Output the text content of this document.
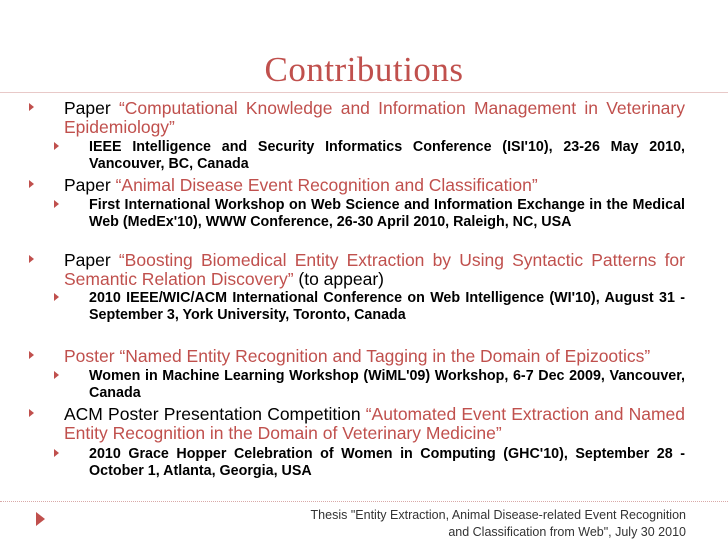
Contributions
Paper “Computational Knowledge and Information Management in Veterinary Epidemiology”
IEEE Intelligence and Security Informatics Conference (ISI'10), 23-26 May 2010, Vancouver, BC, Canada
Paper “Animal Disease Event Recognition and Classification”
First International Workshop on Web Science and Information Exchange in the Medical Web (MedEx'10), WWW Conference, 26-30 April 2010, Raleigh, NC, USA
Paper “Boosting Biomedical Entity Extraction by Using Syntactic Patterns for Semantic Relation Discovery” (to appear)
2010 IEEE/WIC/ACM International Conference on Web Intelligence (WI'10), August 31 - September 3, York University, Toronto, Canada
Poster “Named Entity Recognition and Tagging in the Domain of Epizootics”
Women in Machine Learning Workshop (WiML'09) Workshop, 6-7 Dec 2009, Vancouver, Canada
ACM Poster Presentation Competition “Automated Event Extraction and Named Entity Recognition in the Domain of Veterinary Medicine”
2010 Grace Hopper Celebration of Women in Computing (GHC'10), September 28 - October 1, Atlanta, Georgia, USA
Thesis "Entity Extraction, Animal Disease-related Event Recognition
and Classification from Web", July 30 2010
